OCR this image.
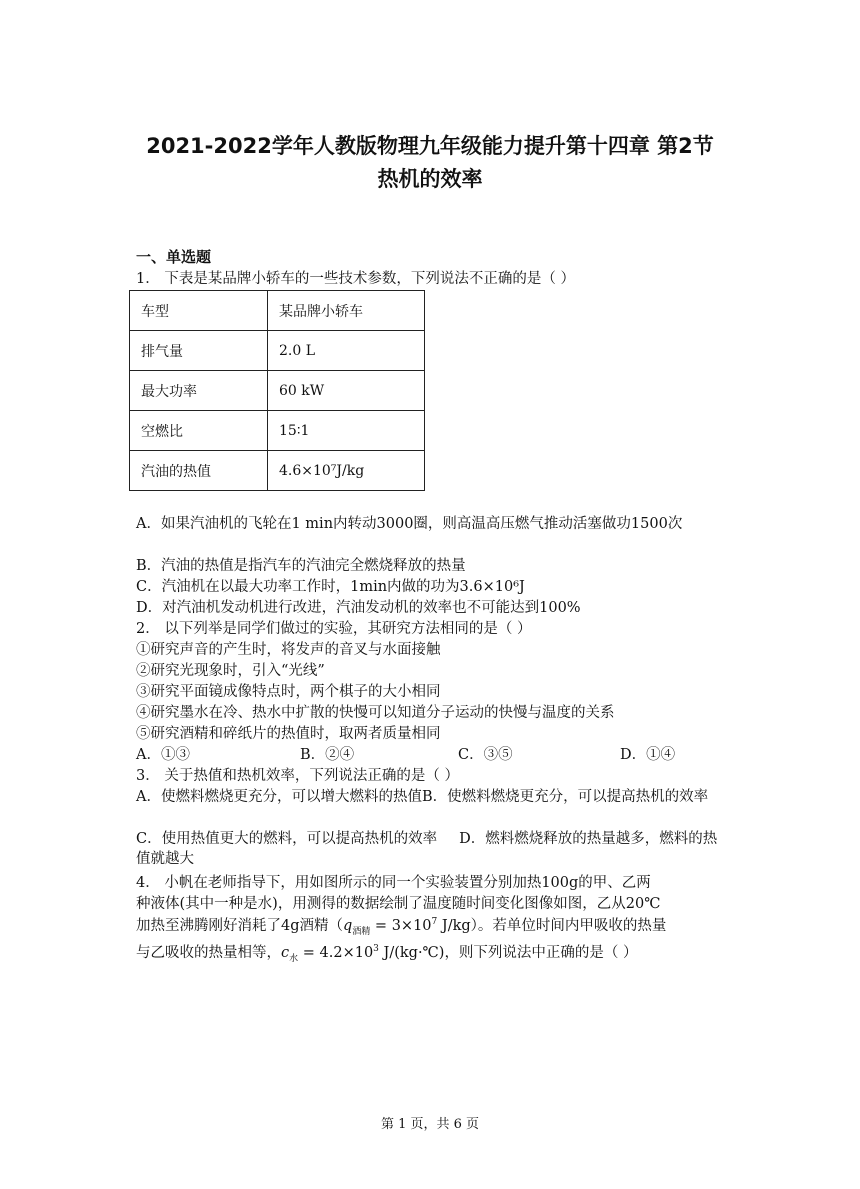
2021-2022学年人教版物理九年级能力提升第十四章 第2节
热机的效率
一、单选题
1． 下表是某品牌小轿车的一些技术参数，下列说法不正确的是（ ）
车型	某品牌小轿车
排气量	2.0 L
最大功率	60 kW
空燃比	15∶1
汽油的热值	4.6×10⁷J/kg
A．如果汽油机的飞轮在1 min内转动3000圈，则高温高压燃气推动活塞做功1500次
B．汽油的热值是指汽车的汽油完全燃烧释放的热量
C．汽油机在以最大功率工作时，1min内做的功为3.6×10⁶J
D．对汽油机发动机进行改进，汽油发动机的效率也不可能达到100%
2． 以下列举是同学们做过的实验，其研究方法相同的是（ ）
①研究声音的产生时，将发声的音叉与水面接触
②研究光现象时，引入“光线”
③研究平面镜成像特点时，两个棋子的大小相同
④研究墨水在冷、热水中扩散的快慢可以知道分子运动的快慢与温度的关系
⑤研究酒精和碎纸片的热值时，取两者质量相同
A．①③	B．②④	C．③⑤	D．①④
3． 关于热值和热机效率，下列说法正确的是（ ）
A．使燃料燃烧更充分，可以增大燃料的热值B．使燃料燃烧更充分，可以提高热机的效率
C．使用热值更大的燃料，可以提高热机的效率 D．燃料燃烧释放的热量越多，燃料的热值就越大
4． 小帆在老师指导下，用如图所示的同一个实验装置分别加热100g的甲、乙两
种液体(其中一种是水)，用测得的数据绘制了温度随时间变化图像如图，乙从20℃
加热至沸腾刚好消耗了4g酒精（$q_{酒精} = 3\times 10^7$ J/kg）。若单位时间内甲吸收的热量
与乙吸收的热量相等，$c_水 = 4.2\times 10^3$ J/(kg·℃)，则下列说法中正确的是（ ）
第 1 页，共 6 页
